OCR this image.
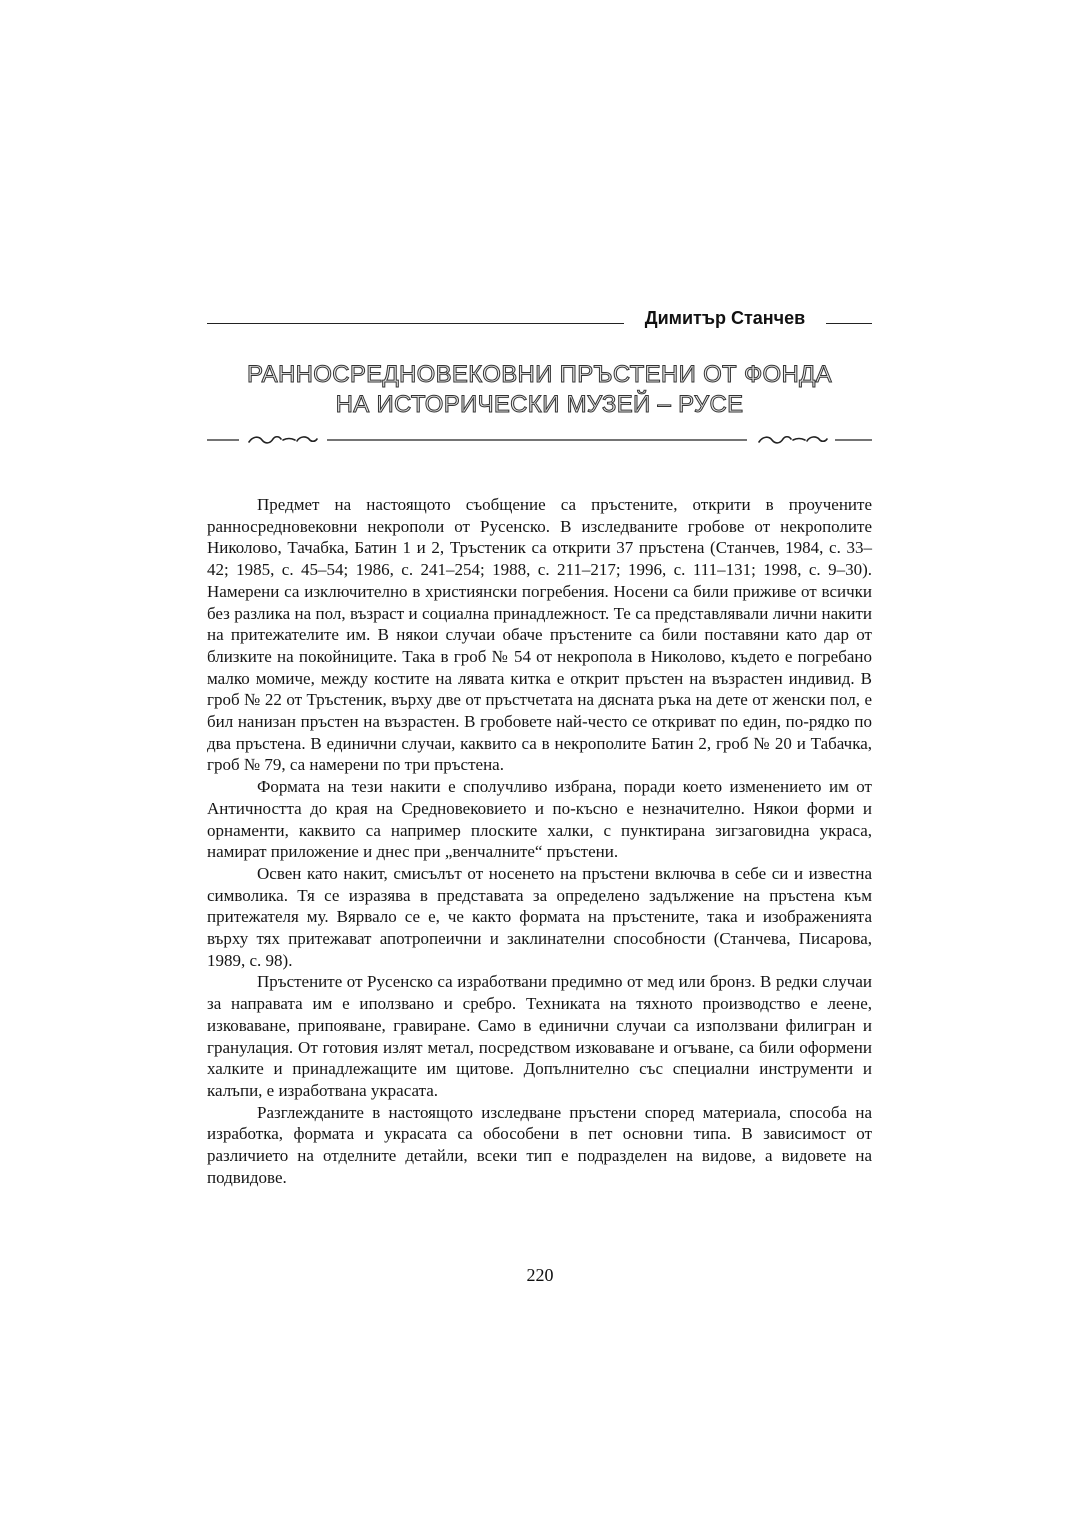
Димитър Станчев
РАННОСРЕДНОВЕКОВНИ ПРЪСТЕНИ ОТ ФОНДА
НА ИСТОРИЧЕСКИ МУЗЕЙ – РУСЕ

Предмет на настоящото съобщение са пръстените, открити в проучените ранносредновековни некрополи от Русенско. В изследваните гробове от некрополите Николово, Тачабка, Батин 1 и 2, Тръстеник са открити 37 пръстена (Станчев, 1984, с. 33–42; 1985, с. 45–54; 1986, с. 241–254; 1988, с. 211–217; 1996, с. 111–131; 1998, с. 9–30). Намерени са изключително в християнски погребения. Носени са били приживе от всички без разлика на пол, възраст и социална принадлежност. Те са представлявали лични накити на притежателите им. В някои случаи обаче пръстените са били поставяни като дар от близките на покойниците. Така в гроб № 54 от некропола в Николово, където е погребано малко момиче, между костите на лявата китка е открит пръстен на възрастен индивид. В гроб № 22 от Тръстеник, върху две от пръстчетата на дясната ръка на дете от женски пол, е бил нанизан пръстен на възрастен. В гробовете най-често се откриват по един, по-рядко по два пръстена. В единични случаи, каквито са в некрополите Батин 2, гроб № 20 и Табачка, гроб № 79, са намерени по три пръстена.

Формата на тези накити е сполучливо избрана, поради което изменението им от Античността до края на Средновековието и по-късно е незначително. Някои форми и орнаменти, каквито са например плоските халки, с пунктирана зигзаговидна украса, намират приложение и днес при „венчалните“ пръстени.

Освен като накит, смисълът от носенето на пръстени включва в себе си и известна символика. Тя се изразява в представата за определено задължение на пръстена към притежателя му. Вярвало се е, че както формата на пръстените, така и изображенията върху тях притежават апотропеични и заклинателни способности (Станчева, Писарова, 1989, с. 98).

Пръстените от Русенско са изработвани предимно от мед или бронз. В редки случаи за направата им е иползвано и сребро. Техниката на тяхното производство е леене, изковаване, припояване, гравиране. Само в единични случаи са използвани филигран и гранулация. От готовия излят метал, посредством изковаване и огъване, са били оформени халките и принадлежащите им щитове. Допълнително със специални инструменти и калъпи, е изработвана украсата.

Разглежданите в настоящото изследване пръстени според материала, способа на изработка, формата и украсата са обособени в пет основни типа. В зависимост от различието на отделните детайли, всеки тип е подразделен на видове, а видовете на подвидове.

220
